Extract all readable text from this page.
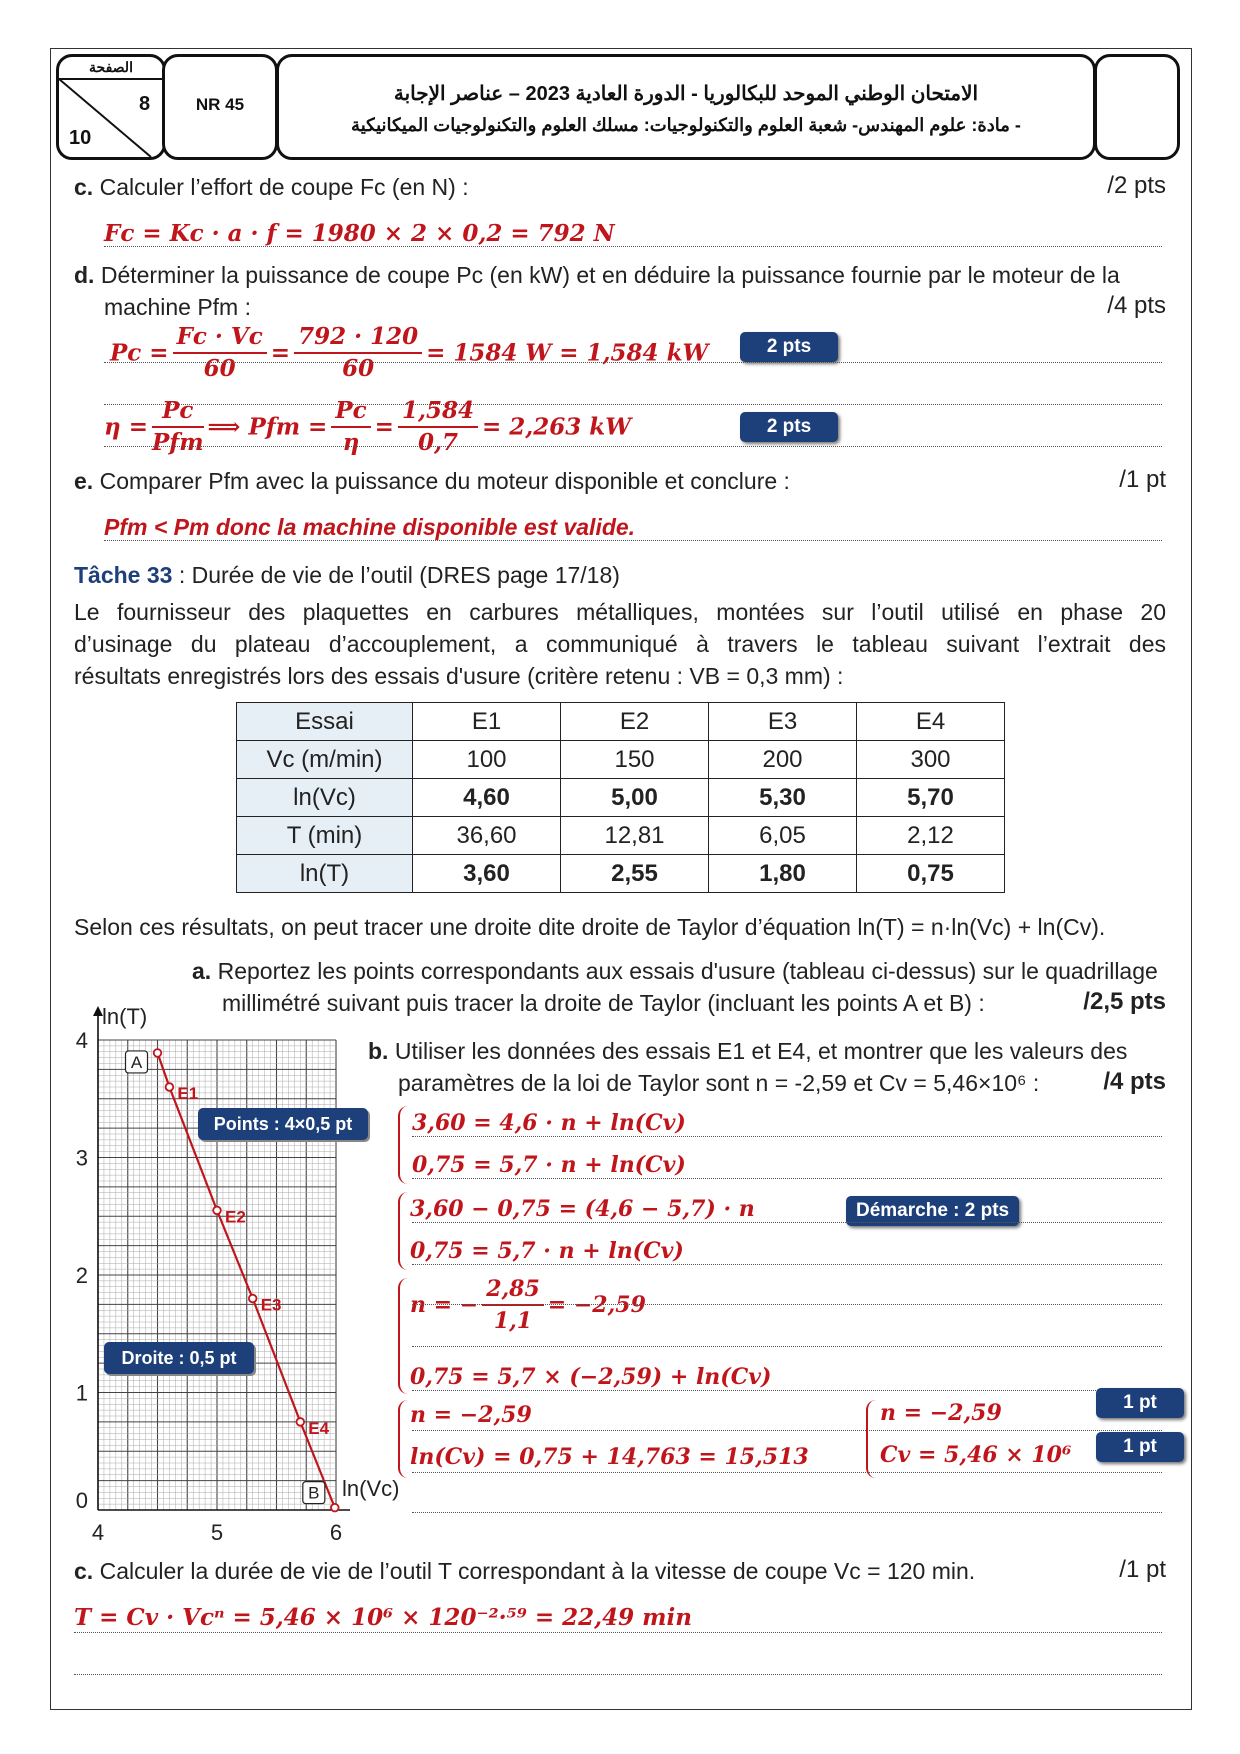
الصفحة
8
10
NR 45	الامتحان الوطني الموحد للبكالوريا - الدورة العادية 2023 – عناصر الإجابة
- مادة: علوم المهندس- شعبة العلوم والتكنولوجيات: مسلك العلوم والتكنولوجيات الميكانيكية
c. Calculer l’effort de coupe Fc (en N) :	/2 pts
Fc = Kc · a · f = 1980 × 2 × 0,2 = 792 N
d. Déterminer la puissance de coupe Pc (en kW) et en déduire la puissance fournie par le moteur de la
machine Pfm :	/4 pts
$Pc = \frac{Fc \cdot Vc}{60} = \frac{792 \cdot 120}{60} = 1584$ W = 1,584 kW	2 pts
$\eta = \frac{Pc}{\text{Pfm}}$ ⟹ Pfm = $\frac{Pc}{\eta} = \frac{1,584}{0,7} = 2,263$ kW	2 pts
e. Comparer Pfm avec la puissance du moteur disponible et conclure :	/1 pt
Pfm < Pm donc la machine disponible est valide.
Tâche 33 : Durée de vie de l’outil (DRES page 17/18)
Le fournisseur des plaquettes en carbures métalliques, montées sur l’outil utilisé en phase 20
d’usinage du plateau d’accouplement, a communiqué à travers le tableau suivant l’extrait des
résultats enregistrés lors des essais d'usure (critère retenu : VB = 0,3 mm) :
Essai	E1	E2	E3	E4
Vc (m/min)	100	150	200	300
ln(Vc)	4,60	5,00	5,30	5,70
T (min)	36,60	12,81	6,05	2,12
ln(T)	3,60	2,55	1,80	0,75
Selon ces résultats, on peut tracer une droite dite droite de Taylor d’équation ln(T) = n·ln(Vc) + ln(Cv).
a. Reportez les points correspondants aux essais d'usure (tableau ci-dessus) sur le quadrillage
millimétré suivant puis tracer la droite de Taylor (incluant les points A et B) :	/2,5 pts
ln(T)
ln(Vc)
4	5	6
0
1
2
3
4
A
E1
E2
E3
E4
B
Points : 4×0,5 pt
Droite : 0,5 pt
b. Utiliser les données des essais E1 et E4, et montrer que les valeurs des
paramètres de la loi de Taylor sont n = -2,59 et Cv = 5,46×10⁶ :	/4 pts
3,60 = 4,6 · n + ln(Cv)
0,75 = 5,7 · n + ln(Cv)
3,60 − 0,75 = (4,6 − 5,7) · n	Démarche : 2 pts
0,75 = 5,7 · n + ln(Cv)
n = − $\frac{2,85}{1,1} = -2,59$
0,75 = 5,7 × (−2,59) + ln(Cv)
n = −2,59
ln(Cv) = 0,75 + 14,763 = 15,513
n = −2,59
Cv = 5,46 × 10⁶
1 pt
1 pt
c. Calculer la durée de vie de l’outil T correspondant à la vitesse de coupe Vc = 120 min.	/1 pt
T = Cv · Vcⁿ = 5,46 × 10⁶ × 120⁻²·⁵⁹ = 22,49 min
